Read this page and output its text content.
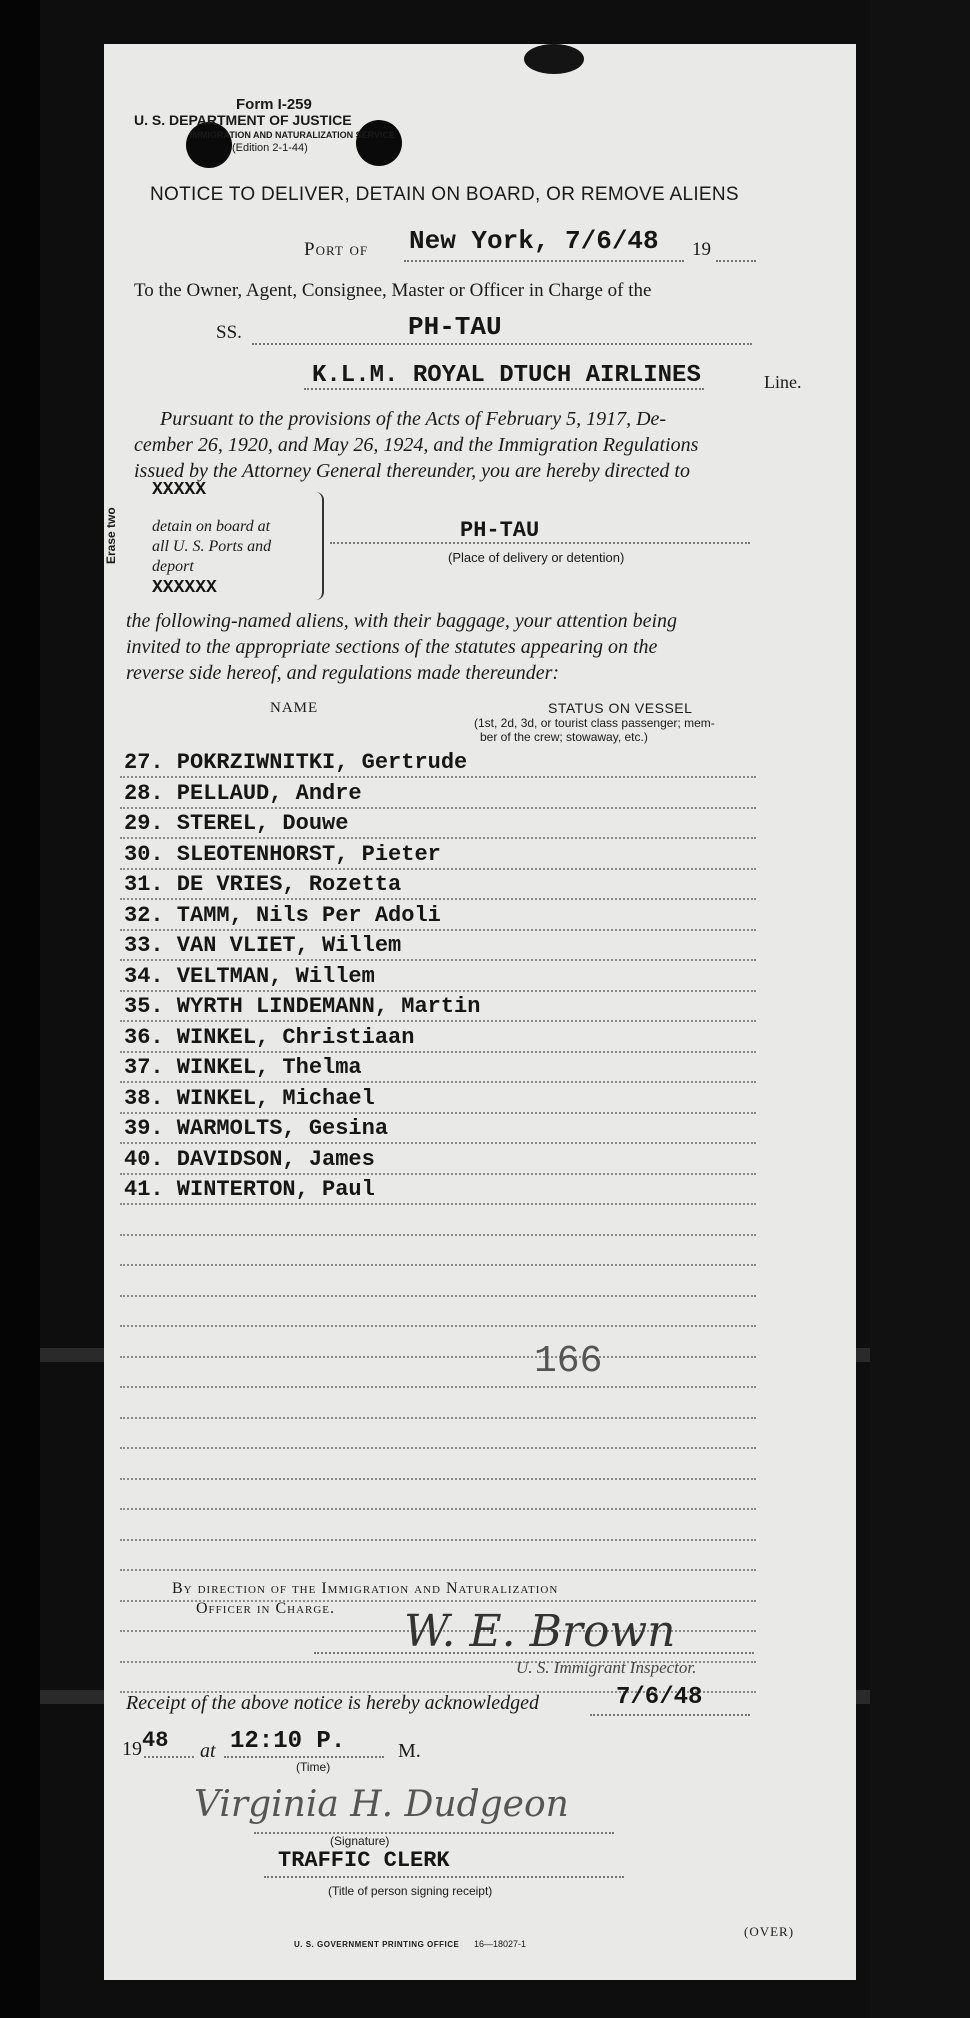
Form I-259
U. S. DEPARTMENT OF JUSTICE
IMMIGRATION AND NATURALIZATION SERVICE
(Edition 2-1-44)
NOTICE TO DELIVER, DETAIN ON BOARD, OR REMOVE ALIENS
Port of New York, 7/6/48 19
To the Owner, Agent, Consignee, Master or Officer in Charge of the
SS.	PH-TAU
K.L.M. ROYAL DTUCH AIRLINES	Line.
Pursuant to the provisions of the Acts of February 5, 1917, De-
cember 26, 1920, and May 26, 1924, and the Immigration Regulations
issued by the Attorney General thereunder, you are hereby directed to
Erase two
XXXXX
detain on board at
all U. S. Ports and
deport
XXXXXX
PH-TAU
(Place of delivery or detention)
the following-named aliens, with their baggage, your attention being
invited to the appropriate sections of the statutes appearing on the
reverse side hereof, and regulations made thereunder:
NAME	STATUS ON VESSEL
(1st, 2d, 3d, or tourist class passenger; mem-
ber of the crew; stowaway, etc.)
27. POKRZIWNITKI, Gertrude
28. PELLAUD, Andre
29. STEREL, Douwe
30. SLEOTENHORST, Pieter
31. DE VRIES, Rozetta
32. TAMM, Nils Per Adoli
33. VAN VLIET, Willem
34. VELTMAN, Willem
35. WYRTH LINDEMANN, Martin
36. WINKEL, Christiaan
37. WINKEL, Thelma
38. WINKEL, Michael
39. WARMOLTS, Gesina
40. DAVIDSON, James
41. WINTERTON, Paul
166
By direction of the Immigration and Naturalization
Officer in Charge. W. E. Brown
U. S. Immigrant Inspector.
Receipt of the above notice is hereby acknowledged	7/6/48
19 48 at 12:10 P.	M.
(Time)
Virginia H. Dudgeon
(Signature)
TRAFFIC CLERK
(Title of person signing receipt)
U. S. GOVERNMENT PRINTING OFFICE 16—18027-1
(OVER)
